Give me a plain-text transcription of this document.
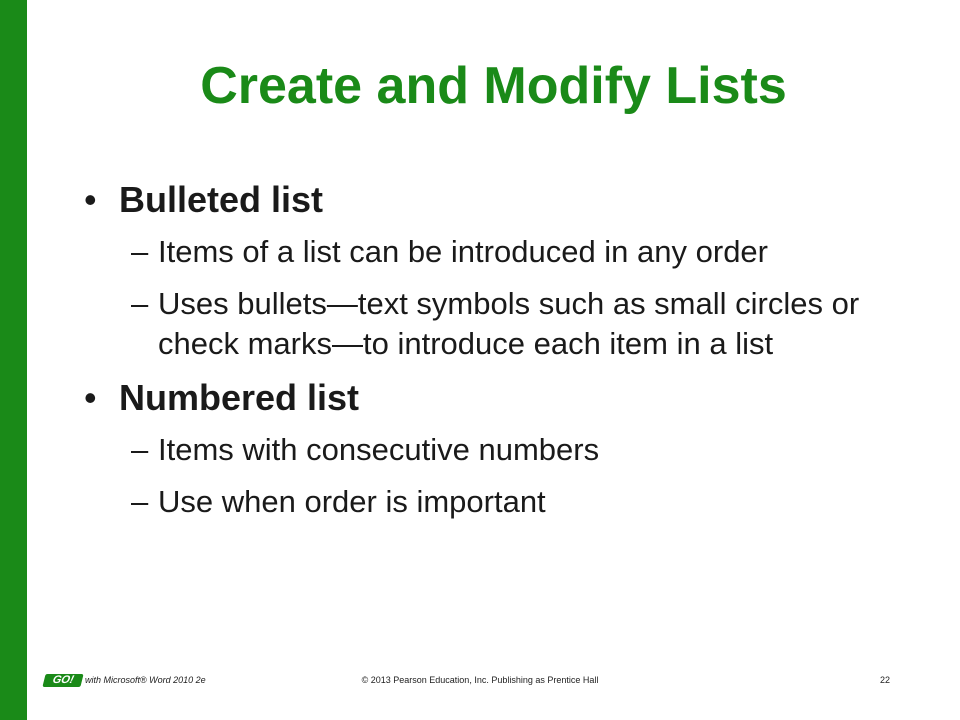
Create and Modify Lists
• Bulleted list
– Items of a list can be introduced in any order
– Uses bullets—text symbols such as small circles or check marks—to introduce each item in a list
• Numbered list
– Items with consecutive numbers
– Use when order is important
GO!	with Microsoft® Word 2010 2e	© 2013 Pearson Education, Inc. Publishing as Prentice Hall	22
